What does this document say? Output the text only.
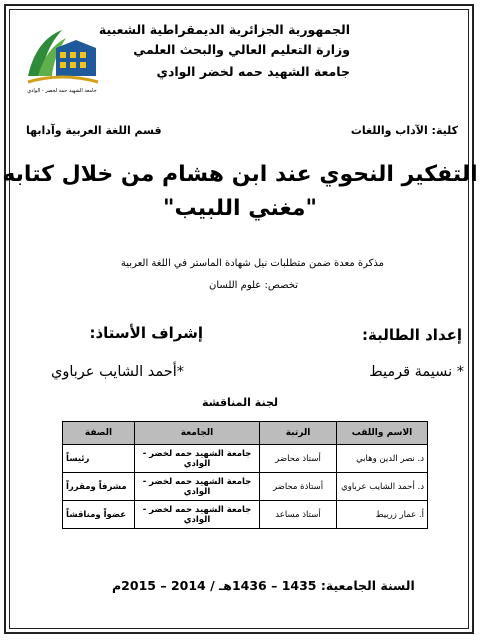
جامعة الشهيد حمة لخضر - الوادي
الجمهورية الجزائرية الديمقراطية الشعبية
وزارة التعليم العالي والبحث العلمي
جامعة الشهيد حمه لخضر الوادي
كلية: الآداب واللغات
قسم اللغة العربية وآدابها
التفكير النحوي عند ابن هشام من خلال كتابه
"مغني اللبيب"
مذكرة معدة ضمن متطلبات نيل شهادة الماستر في اللغة العربية
تخصص: علوم اللسان
إعداد الطالبة:
إشراف الأستاذ:
* نسيمة قرميط
*أحمد الشايب عرباوي
لجنة المناقشة
الاسم واللقب	الرتبة	الجامعة	الصفة
د. نصر الدين وهابي	أستاذ محاضر	جامعة الشهيد حمه لخضر - الوادي	رئيساً
د. أحمد الشايب عرباوي	أستاذة محاضر	جامعة الشهيد حمه لخضر - الوادي	مشرفاً ومقرراً
أ. عمار زربيط	أستاذ مساعد	جامعة الشهيد حمه لخضر - الوادي	عضواً ومناقشاً
السنة الجامعية: 1435 – 1436هـ / 2014 – 2015م
